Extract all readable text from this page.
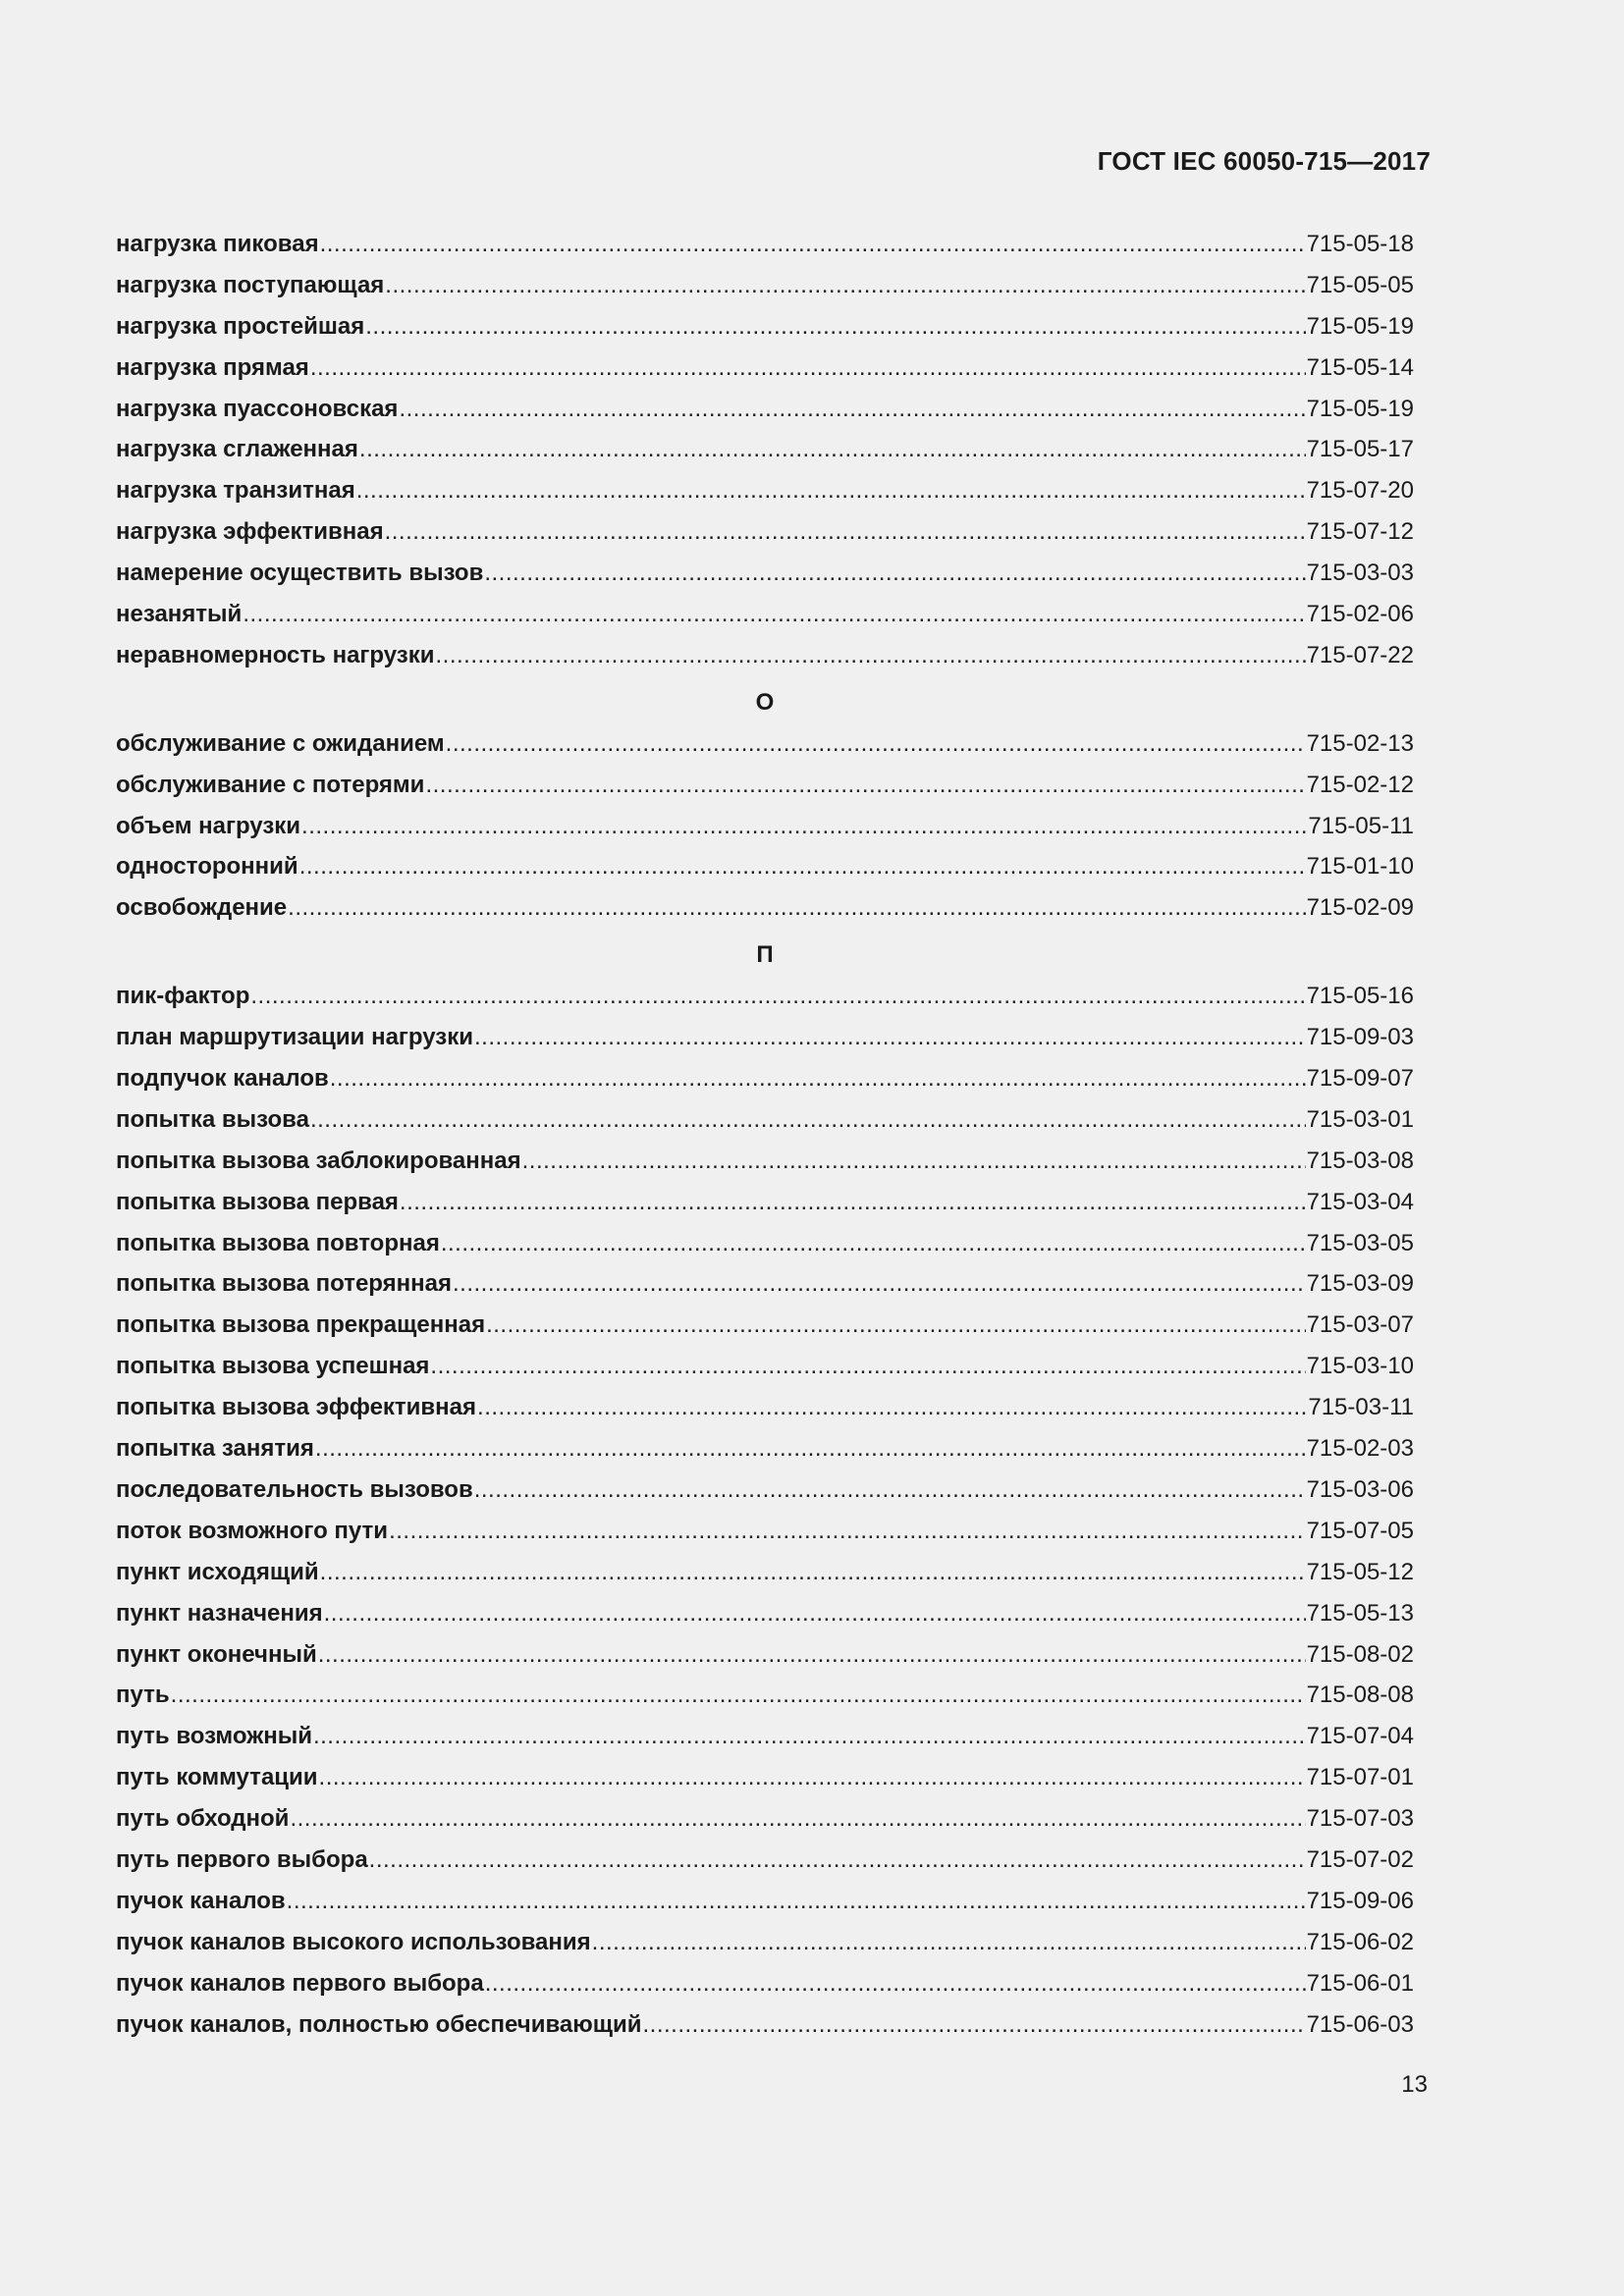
ГОСТ IEC 60050-715—2017
нагрузка пиковая .....	715-05-18
нагрузка поступающая .....	715-05-05
нагрузка простейшая .....	715-05-19
нагрузка прямая .....	715-05-14
нагрузка пуассоновская .....	715-05-19
нагрузка сглаженная .....	715-05-17
нагрузка транзитная .....	715-07-20
нагрузка эффективная .....	715-07-12
намерение осуществить вызов .....	715-03-03
незанятый .....	715-02-06
неравномерность нагрузки .....	715-07-22
О
обслуживание с ожиданием .....	715-02-13
обслуживание с потерями .....	715-02-12
объем нагрузки .....	715-05-11
односторонний .....	715-01-10
освобождение .....	715-02-09
П
пик-фактор .....	715-05-16
план маршрутизации нагрузки .....	715-09-03
подпучок каналов .....	715-09-07
попытка вызова .....	715-03-01
попытка вызова заблокированная .....	715-03-08
попытка вызова первая .....	715-03-04
попытка вызова повторная .....	715-03-05
попытка вызова потерянная .....	715-03-09
попытка вызова прекращенная .....	715-03-07
попытка вызова успешная .....	715-03-10
попытка вызова эффективная .....	715-03-11
попытка занятия .....	715-02-03
последовательность вызовов .....	715-03-06
поток возможного пути .....	715-07-05
пункт исходящий .....	715-05-12
пункт назначения .....	715-05-13
пункт оконечный .....	715-08-02
путь .....	715-08-08
путь возможный .....	715-07-04
путь коммутации .....	715-07-01
путь обходной .....	715-07-03
путь первого выбора .....	715-07-02
пучок каналов .....	715-09-06
пучок каналов высокого использования .....	715-06-02
пучок каналов первого выбора .....	715-06-01
пучок каналов, полностью обеспечивающий .....	715-06-03
13
